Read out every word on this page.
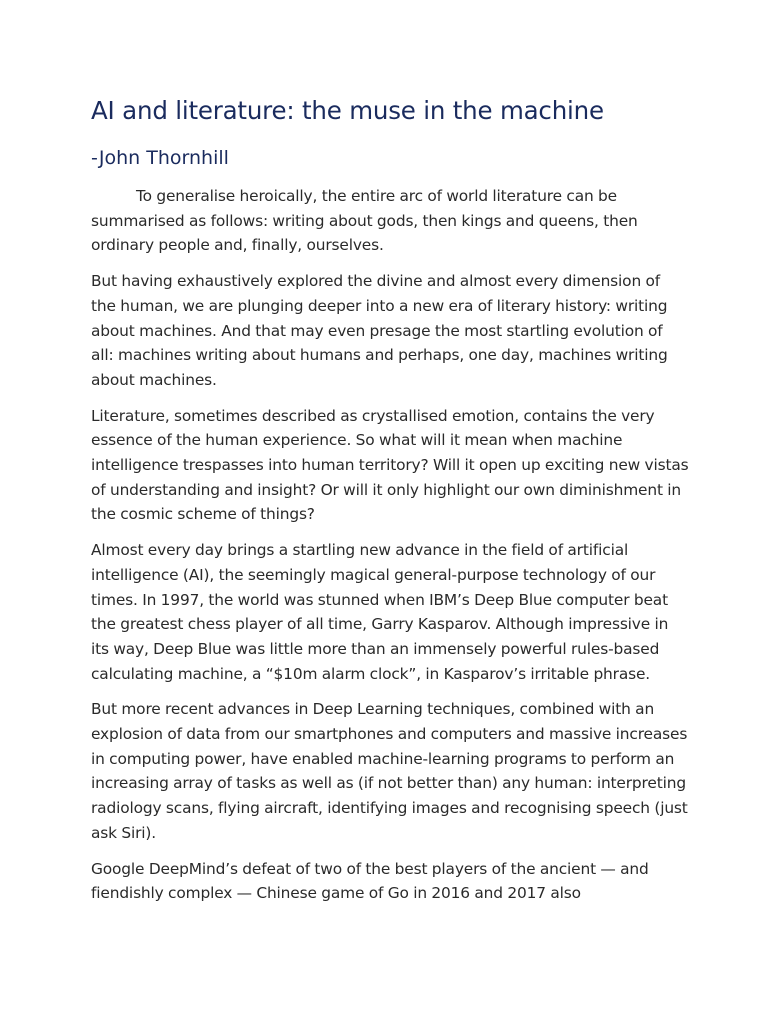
AI and literature: the muse in the machine
-John Thornhill

To generalise heroically, the entire arc of world literature can be summarised as follows: writing about gods, then kings and queens, then ordinary people and, finally, ourselves.

But having exhaustively explored the divine and almost every dimension of the human, we are plunging deeper into a new era of literary history: writing about machines. And that may even presage the most startling evolution of all: machines writing about humans and perhaps, one day, machines writing about machines.

Literature, sometimes described as crystallised emotion, contains the very essence of the human experience. So what will it mean when machine intelligence trespasses into human territory? Will it open up exciting new vistas of understanding and insight? Or will it only highlight our own diminishment in the cosmic scheme of things?

Almost every day brings a startling new advance in the field of artificial intelligence (AI), the seemingly magical general-purpose technology of our times. In 1997, the world was stunned when IBM’s Deep Blue computer beat the greatest chess player of all time, Garry Kasparov. Although impressive in its way, Deep Blue was little more than an immensely powerful rules-based calculating machine, a “$10m alarm clock”, in Kasparov’s irritable phrase.

But more recent advances in Deep Learning techniques, combined with an explosion of data from our smartphones and computers and massive increases in computing power, have enabled machine-learning programs to perform an increasing array of tasks as well as (if not better than) any human: interpreting radiology scans, flying aircraft, identifying images and recognising speech (just ask Siri).

Google DeepMind’s defeat of two of the best players of the ancient — and fiendishly complex — Chinese game of Go in 2016 and 2017 also
